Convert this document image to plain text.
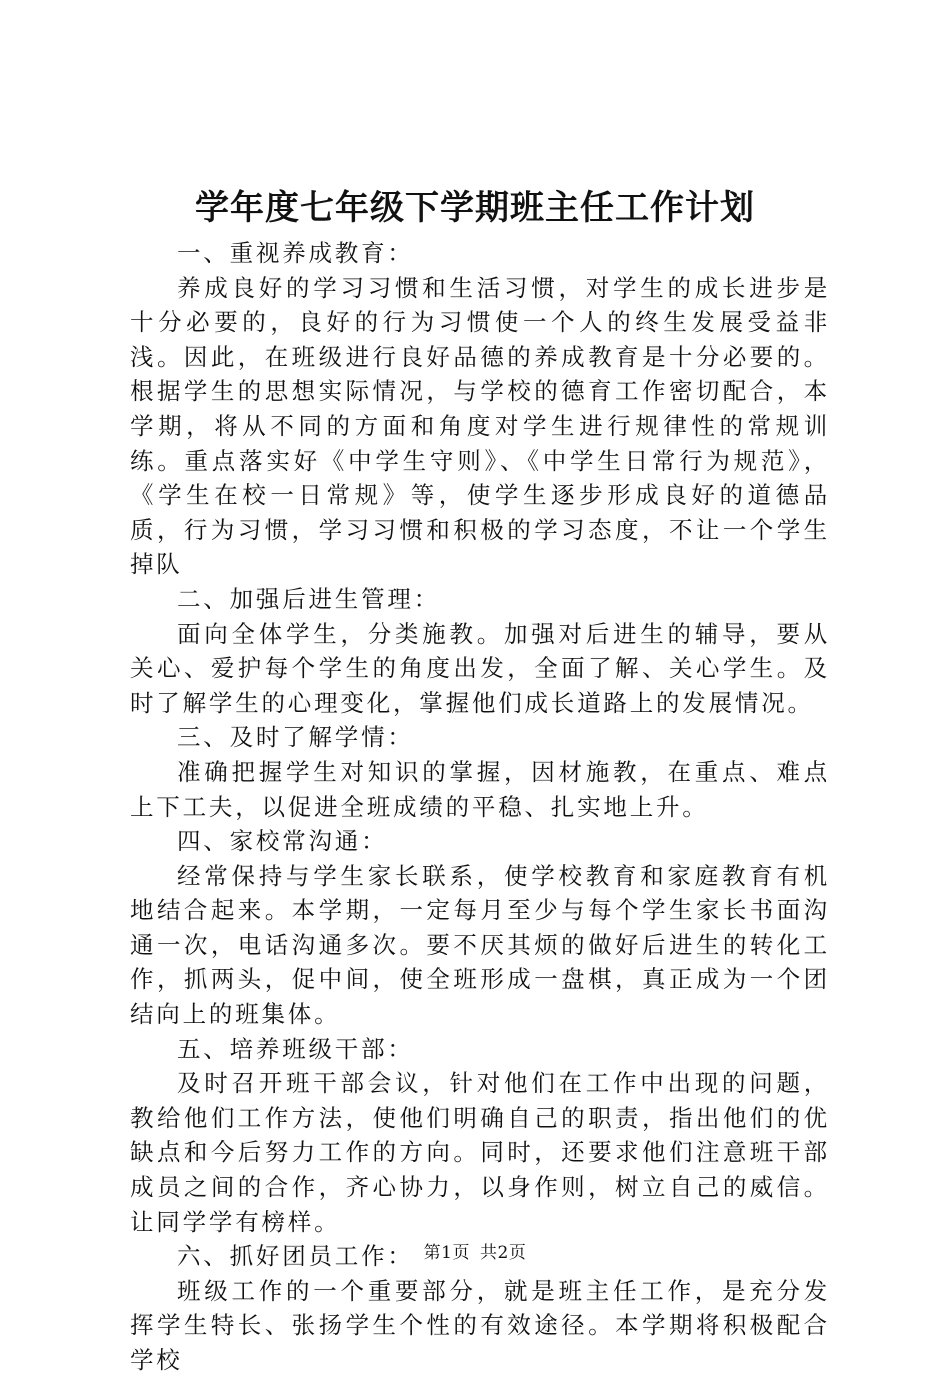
学年度七年级下学期班主任工作计划

一、重视养成教育：

养成良好的学习习惯和生活习惯，对学生的成长进步是十分必要的，良好的行为习惯使一个人的终生发展受益非浅。因此，在班级进行良好品德的养成教育是十分必要的。根据学生的思想实际情况，与学校的德育工作密切配合，本学期，将从不同的方面和角度对学生进行规律性的常规训练。重点落实好《中学生守则》、《中学生日常行为规范》，《学生在校一日常规》等，使学生逐步形成良好的道德品质，行为习惯，学习习惯和积极的学习态度，不让一个学生掉队

二、加强后进生管理：

面向全体学生，分类施教。加强对后进生的辅导，要从关心、爱护每个学生的角度出发，全面了解、关心学生。及时了解学生的心理变化，掌握他们成长道路上的发展情况。

三、及时了解学情：

准确把握学生对知识的掌握，因材施教，在重点、难点上下工夫，以促进全班成绩的平稳、扎实地上升。

四、家校常沟通：

经常保持与学生家长联系，使学校教育和家庭教育有机地结合起来。本学期，一定每月至少与每个学生家长书面沟通一次，电话沟通多次。要不厌其烦的做好后进生的转化工作，抓两头，促中间，使全班形成一盘棋，真正成为一个团结向上的班集体。

五、培养班级干部：

及时召开班干部会议，针对他们在工作中出现的问题，教给他们工作方法，使他们明确自己的职责，指出他们的优缺点和今后努力工作的方向。同时，还要求他们注意班干部成员之间的合作，齐心协力，以身作则，树立自己的威信。让同学学有榜样。

六、抓好团员工作：

班级工作的一个重要部分，就是班主任工作，是充分发挥学生特长、张扬学生个性的有效途径。本学期将积极配合学校

第1页 共2页
